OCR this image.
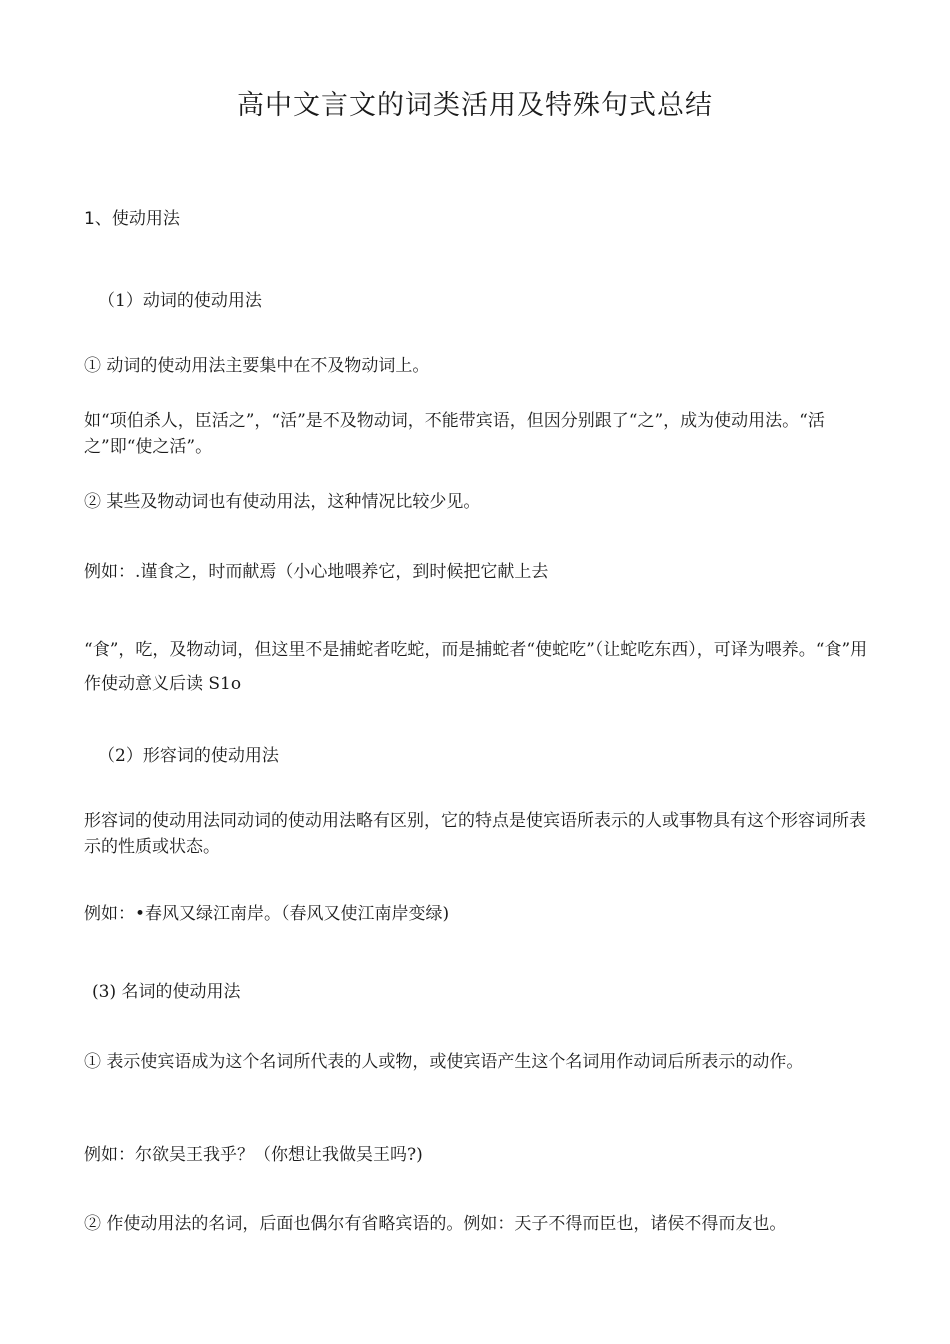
高中文言文的词类活用及特殊句式总结
1、使动用法
（1）动词的使动用法
① 动词的使动用法主要集中在不及物动词上。
如“项伯杀人，臣活之”，“活”是不及物动词，不能带宾语，但因分别跟了“之”，成为使动用法。“活之”即“使之活”。
② 某些及物动词也有使动用法，这种情况比较少见。
例如：.谨食之，时而献焉（小心地喂养它，到时候把它献上去
“食”，吃，及物动词，但这里不是捕蛇者吃蛇，而是捕蛇者“使蛇吃”（让蛇吃东西），可译为喂养。“食”用作使动意义后读 S1o
（2）形容词的使动用法
形容词的使动用法同动词的使动用法略有区别，它的特点是使宾语所表示的人或事物具有这个形容词所表示的性质或状态。
例如：•春风又绿江南岸。（春风又使江南岸变绿)
(3) 名词的使动用法
① 表示使宾语成为这个名词所代表的人或物，或使宾语产生这个名词用作动词后所表示的动作。
例如：尔欲吴王我乎？（你想让我做吴王吗?)
② 作使动用法的名词，后面也偶尔有省略宾语的。例如：天子不得而臣也，诸侯不得而友也。
